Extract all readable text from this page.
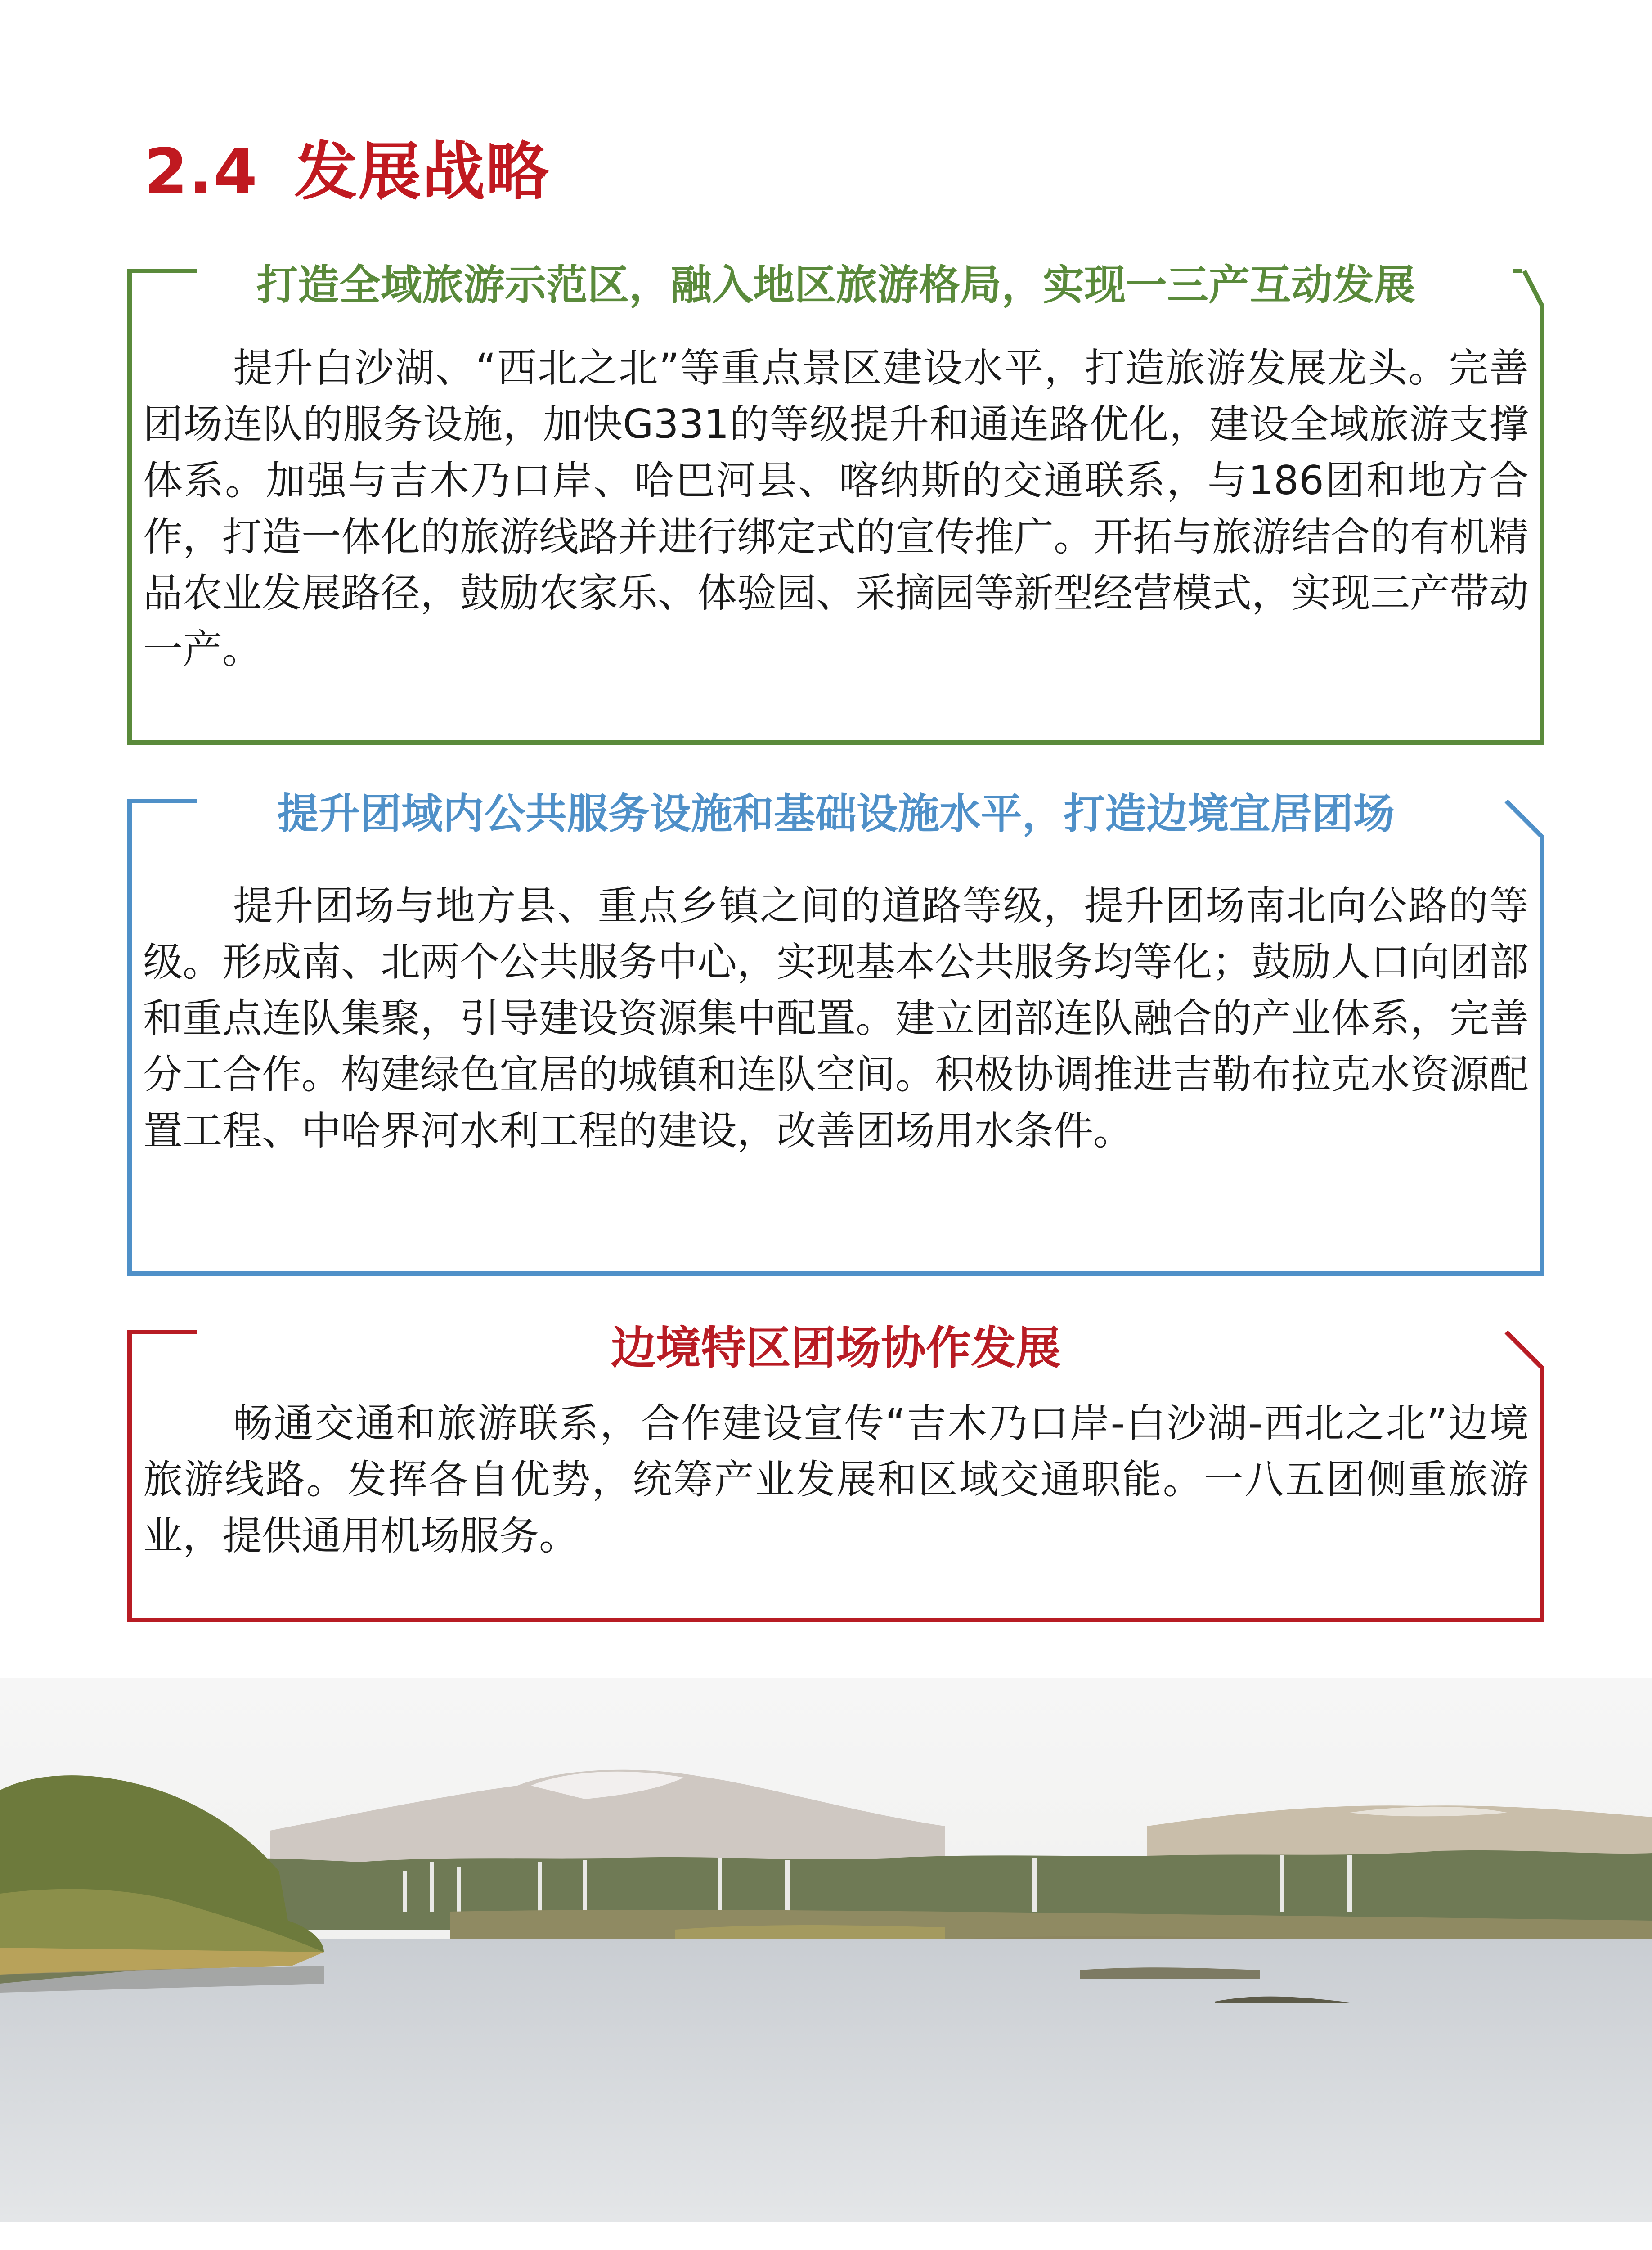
2.4 发展战略
打造全域旅游示范区，融入地区旅游格局，实现一三产互动发展

提升白沙湖、“西北之北”等重点景区建设水平，打造旅游发展龙头。完善团场连队的服务设施，加快G331的等级提升和通连路优化，建设全域旅游支撑体系。加强与吉木乃口岸、哈巴河县、喀纳斯的交通联系，与186团和地方合作，打造一体化的旅游线路并进行绑定式的宣传推广。开拓与旅游结合的有机精品农业发展路径，鼓励农家乐、体验园、采摘园等新型经营模式，实现三产带动一产。

提升团域内公共服务设施和基础设施水平，打造边境宜居团场

提升团场与地方县、重点乡镇之间的道路等级，提升团场南北向公路的等级。形成南、北两个公共服务中心，实现基本公共服务均等化；鼓励人口向团部和重点连队集聚，引导建设资源集中配置。建立团部连队融合的产业体系，完善分工合作。构建绿色宜居的城镇和连队空间。积极协调推进吉勒布拉克水资源配置工程、中哈界河水利工程的建设，改善团场用水条件。

边境特区团场协作发展

畅通交通和旅游联系，合作建设宣传“吉木乃口岸-白沙湖-西北之北”边境旅游线路。发挥各自优势，统筹产业发展和区域交通职能。一八五团侧重旅游业，提供通用机场服务。
